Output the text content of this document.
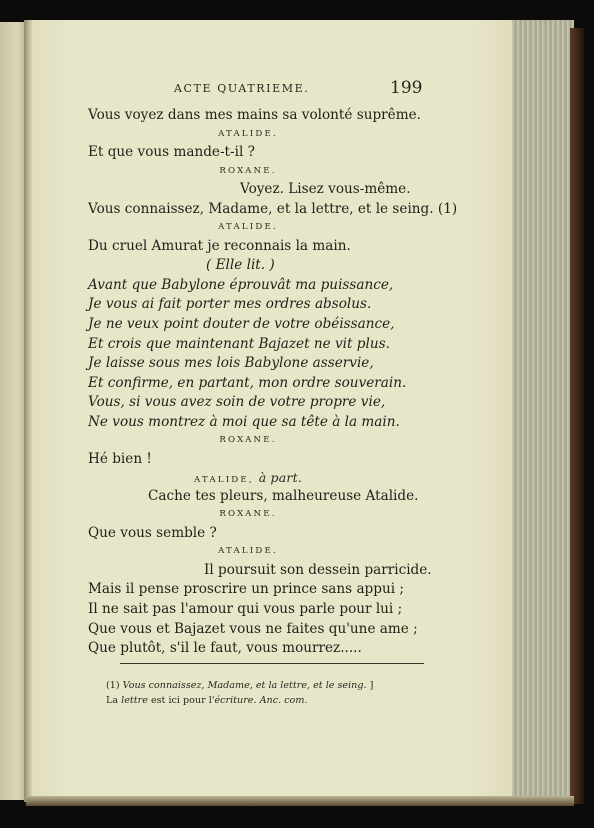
ACTE QUATRIEME.	199
Vous voyez dans mes mains sa volonté suprême.
ATALIDE.
Et que vous mande-t-il ?
ROXANE.
Voyez. Lisez vous-même.
Vous connaissez, Madame, et la lettre, et le seing. (1)
ATALIDE.
Du cruel Amurat je reconnais la main.
( Elle lit. )
Avant que Babylone éprouvât ma puissance,
Je vous ai fait porter mes ordres absolus.
Je ne veux point douter de votre obéissance,
Et crois que maintenant Bajazet ne vit plus.
Je laisse sous mes lois Babylone asservie,
Et confirme, en partant, mon ordre souverain.
Vous, si vous avez soin de votre propre vie,
Ne vous montrez à moi que sa tête à la main.
ROXANE.
Hé bien !
ATALIDE, à part.
Cache tes pleurs, malheureuse Atalide.
ROXANE.
Que vous semble ?
ATALIDE.
Il poursuit son dessein parricide.
Mais il pense proscrire un prince sans appui ;
Il ne sait pas l'amour qui vous parle pour lui ;
Que vous et Bajazet vous ne faites qu'une ame ;
Que plutôt, s'il le faut, vous mourrez.....
(1) Vous connaissez, Madame, et la lettre, et le seing. ]
La lettre est ici pour l'écriture. Anc. com.
